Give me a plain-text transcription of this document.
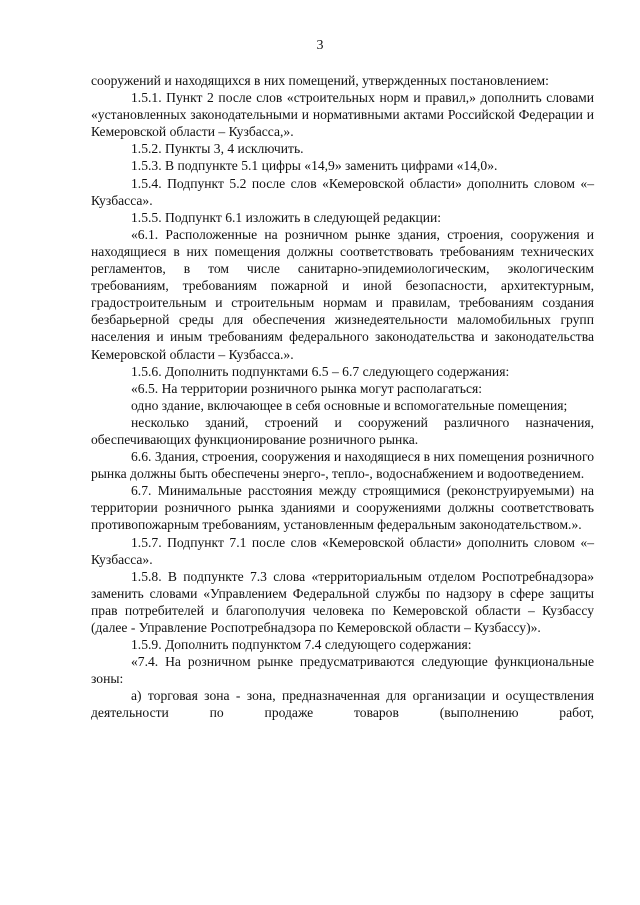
3

сооружений и находящихся в них помещений, утвержденных постановлением:

1.5.1. Пункт 2 после слов «строительных норм и правил,» дополнить словами «установленных законодательными и нормативными актами Российской Федерации и Кемеровской области – Кузбасса,».

1.5.2. Пункты 3, 4 исключить.

1.5.3. В подпункте 5.1 цифры «14,9» заменить цифрами «14,0».

1.5.4. Подпункт 5.2 после слов «Кемеровской области» дополнить словом «– Кузбасса».

1.5.5. Подпункт 6.1 изложить в следующей редакции:

«6.1. Расположенные на розничном рынке здания, строения, сооружения и находящиеся в них помещения должны соответствовать требованиям технических регламентов, в том числе санитарно-эпидемиологическим, экологическим требованиям, требованиям пожарной и иной безопасности, архитектурным, градостроительным и строительным нормам и правилам, требованиям создания безбарьерной среды для обеспечения жизнедеятельности маломобильных групп населения и иным требованиям федерального законодательства и законодательства Кемеровской области – Кузбасса.».

1.5.6. Дополнить подпунктами 6.5 – 6.7 следующего содержания:

«6.5. На территории розничного рынка могут располагаться:

одно здание, включающее в себя основные и вспомогательные помещения;

несколько зданий, строений и сооружений различного назначения, обеспечивающих функционирование розничного рынка.

6.6. Здания, строения, сооружения и находящиеся в них помещения розничного рынка должны быть обеспечены энерго-, тепло-, водоснабжением и водоотведением.

6.7. Минимальные расстояния между строящимися (реконструируемыми) на территории розничного рынка зданиями и сооружениями должны соответствовать противопожарным требованиям, установленным федеральным законодательством.».

1.5.7. Подпункт 7.1 после слов «Кемеровской области» дополнить словом «– Кузбасса».

1.5.8. В подпункте 7.3 слова «территориальным отделом Роспотребнадзора» заменить словами «Управлением Федеральной службы по надзору в сфере защиты прав потребителей и благополучия человека по Кемеровской области – Кузбассу (далее - Управление Роспотребнадзора по Кемеровской области – Кузбассу)».

1.5.9. Дополнить подпунктом 7.4 следующего содержания:

«7.4. На розничном рынке предусматриваются следующие функциональные зоны:

а) торговая зона - зона, предназначенная для организации и осуществления деятельности по продаже товаров (выполнению работ,
